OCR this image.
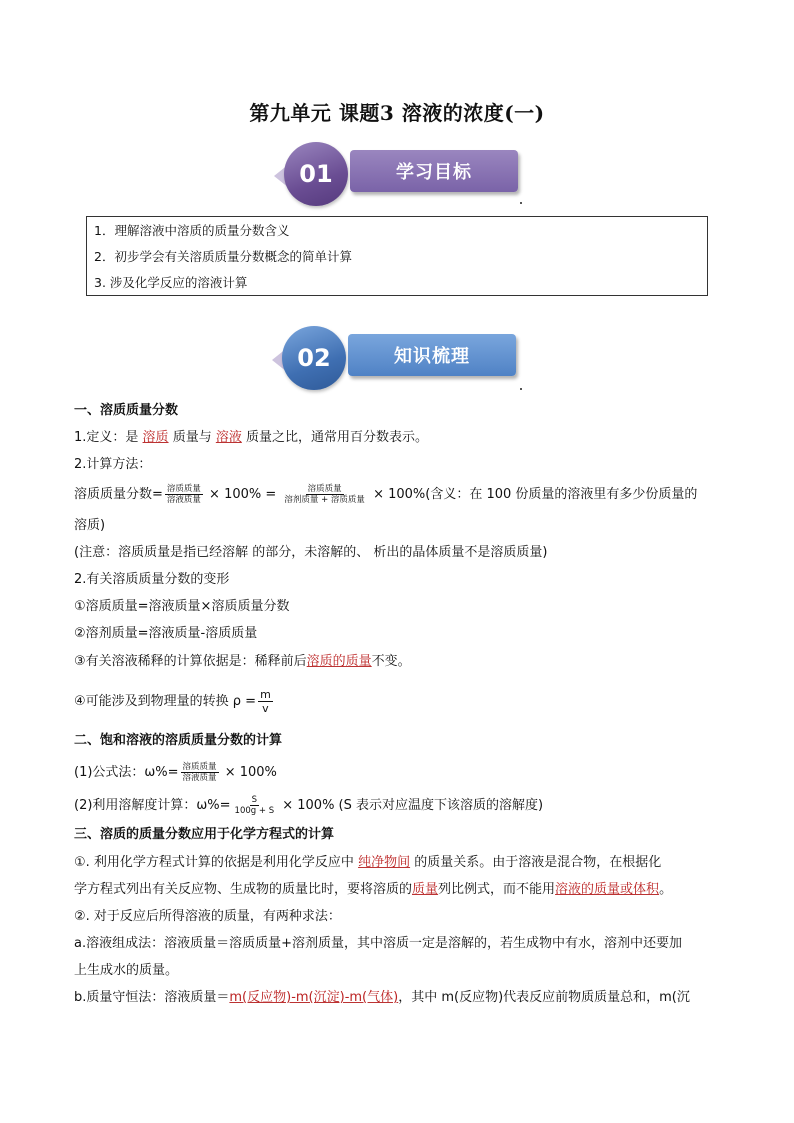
第九单元 课题3 溶液的浓度(一)
01	学习目标
1．理解溶液中溶质的质量分数含义
2．初步学会有关溶质质量分数概念的简单计算
3. 涉及化学反应的溶液计算
02	知识梳理
一、溶质质量分数
1.定义：是 溶质 质量与 溶液 质量之比，通常用百分数表示。
2.计算方法：
溶质质量分数= $\frac{\text{溶质质量}}{\text{溶液质量}} \times 100\% = \frac{\text{溶质质量}}{\text{溶剂质量 + 溶质质量}} \times 100\%$(含义：在 100 份质量的溶液里有多少份质量的
溶质)
(注意：溶质质量是指已经溶解 的部分，未溶解的、 析出的晶体质量不是溶质质量)
2.有关溶质质量分数的变形
①溶质质量=溶液质量×溶质质量分数
②溶剂质量=溶液质量-溶质质量
③有关溶液稀释的计算依据是：稀释前后溶质的质量不变。
④可能涉及到物理量的转换 $\rho = \frac{m}{v}$
二、饱和溶液的溶质质量分数的计算
(1)公式法：$\omega\%= \frac{\text{溶质质量}}{\text{溶液质量}} \times 100\%$
(2)利用溶解度计算：$\omega\%= \frac{S}{100g + S} \times 100\%$ (S 表示对应温度下该溶质的溶解度)
三、溶质的质量分数应用于化学方程式的计算
①. 利用化学方程式计算的依据是利用化学反应中 纯净物间 的质量关系。由于溶液是混合物，在根据化
学方程式列出有关反应物、生成物的质量比时，要将溶质的质量列比例式，而不能用溶液的质量或体积。
②. 对于反应后所得溶液的质量，有两种求法：
a.溶液组成法：溶液质量＝溶质质量+溶剂质量，其中溶质一定是溶解的，若生成物中有水，溶剂中还要加
上生成水的质量。
b.质量守恒法：溶液质量＝m(反应物)-m(沉淀)-m(气体)，其中 m(反应物)代表反应前物质质量总和，m(沉
